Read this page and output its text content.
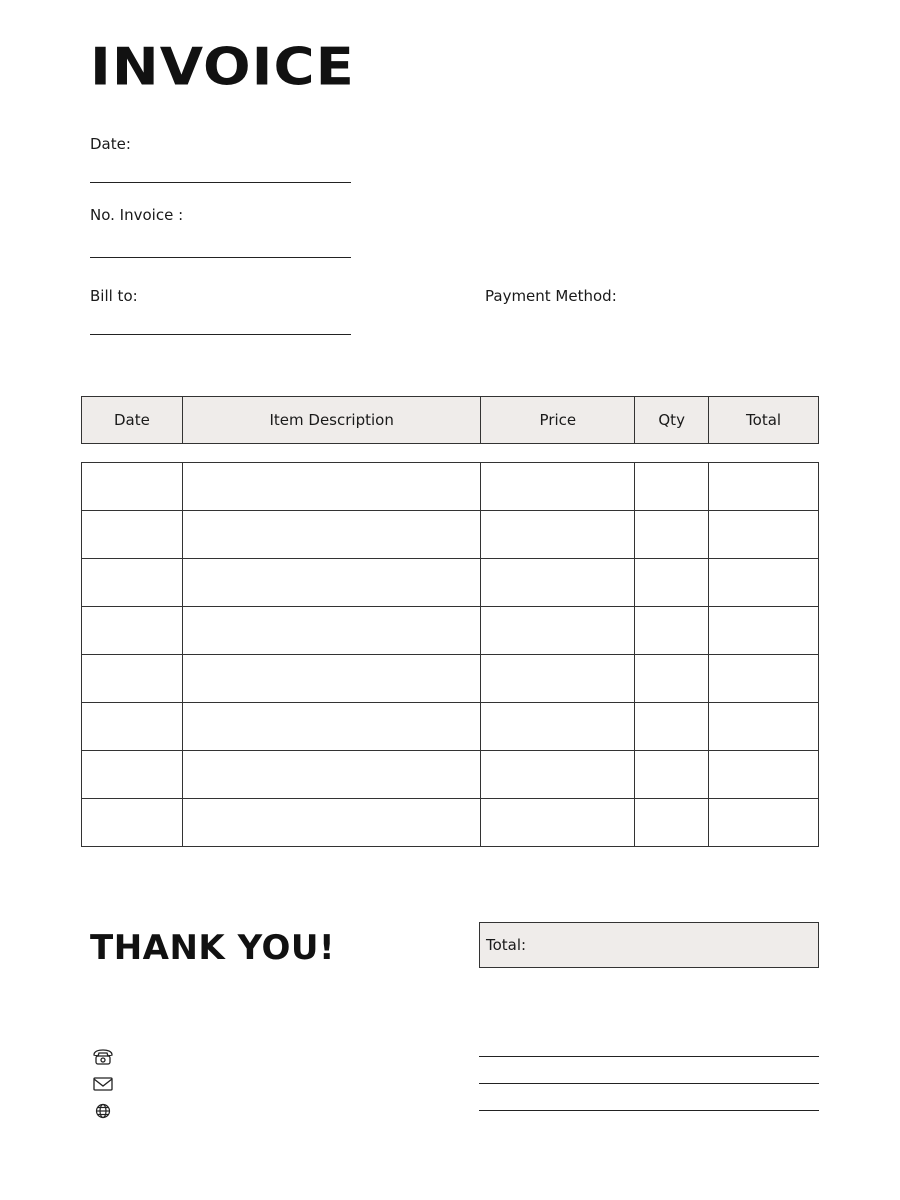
INVOICE
Date:
No. Invoice :
Bill to:	Payment Method:
Date	Item Description	Price	Qty	Total

THANK YOU!	Total:
